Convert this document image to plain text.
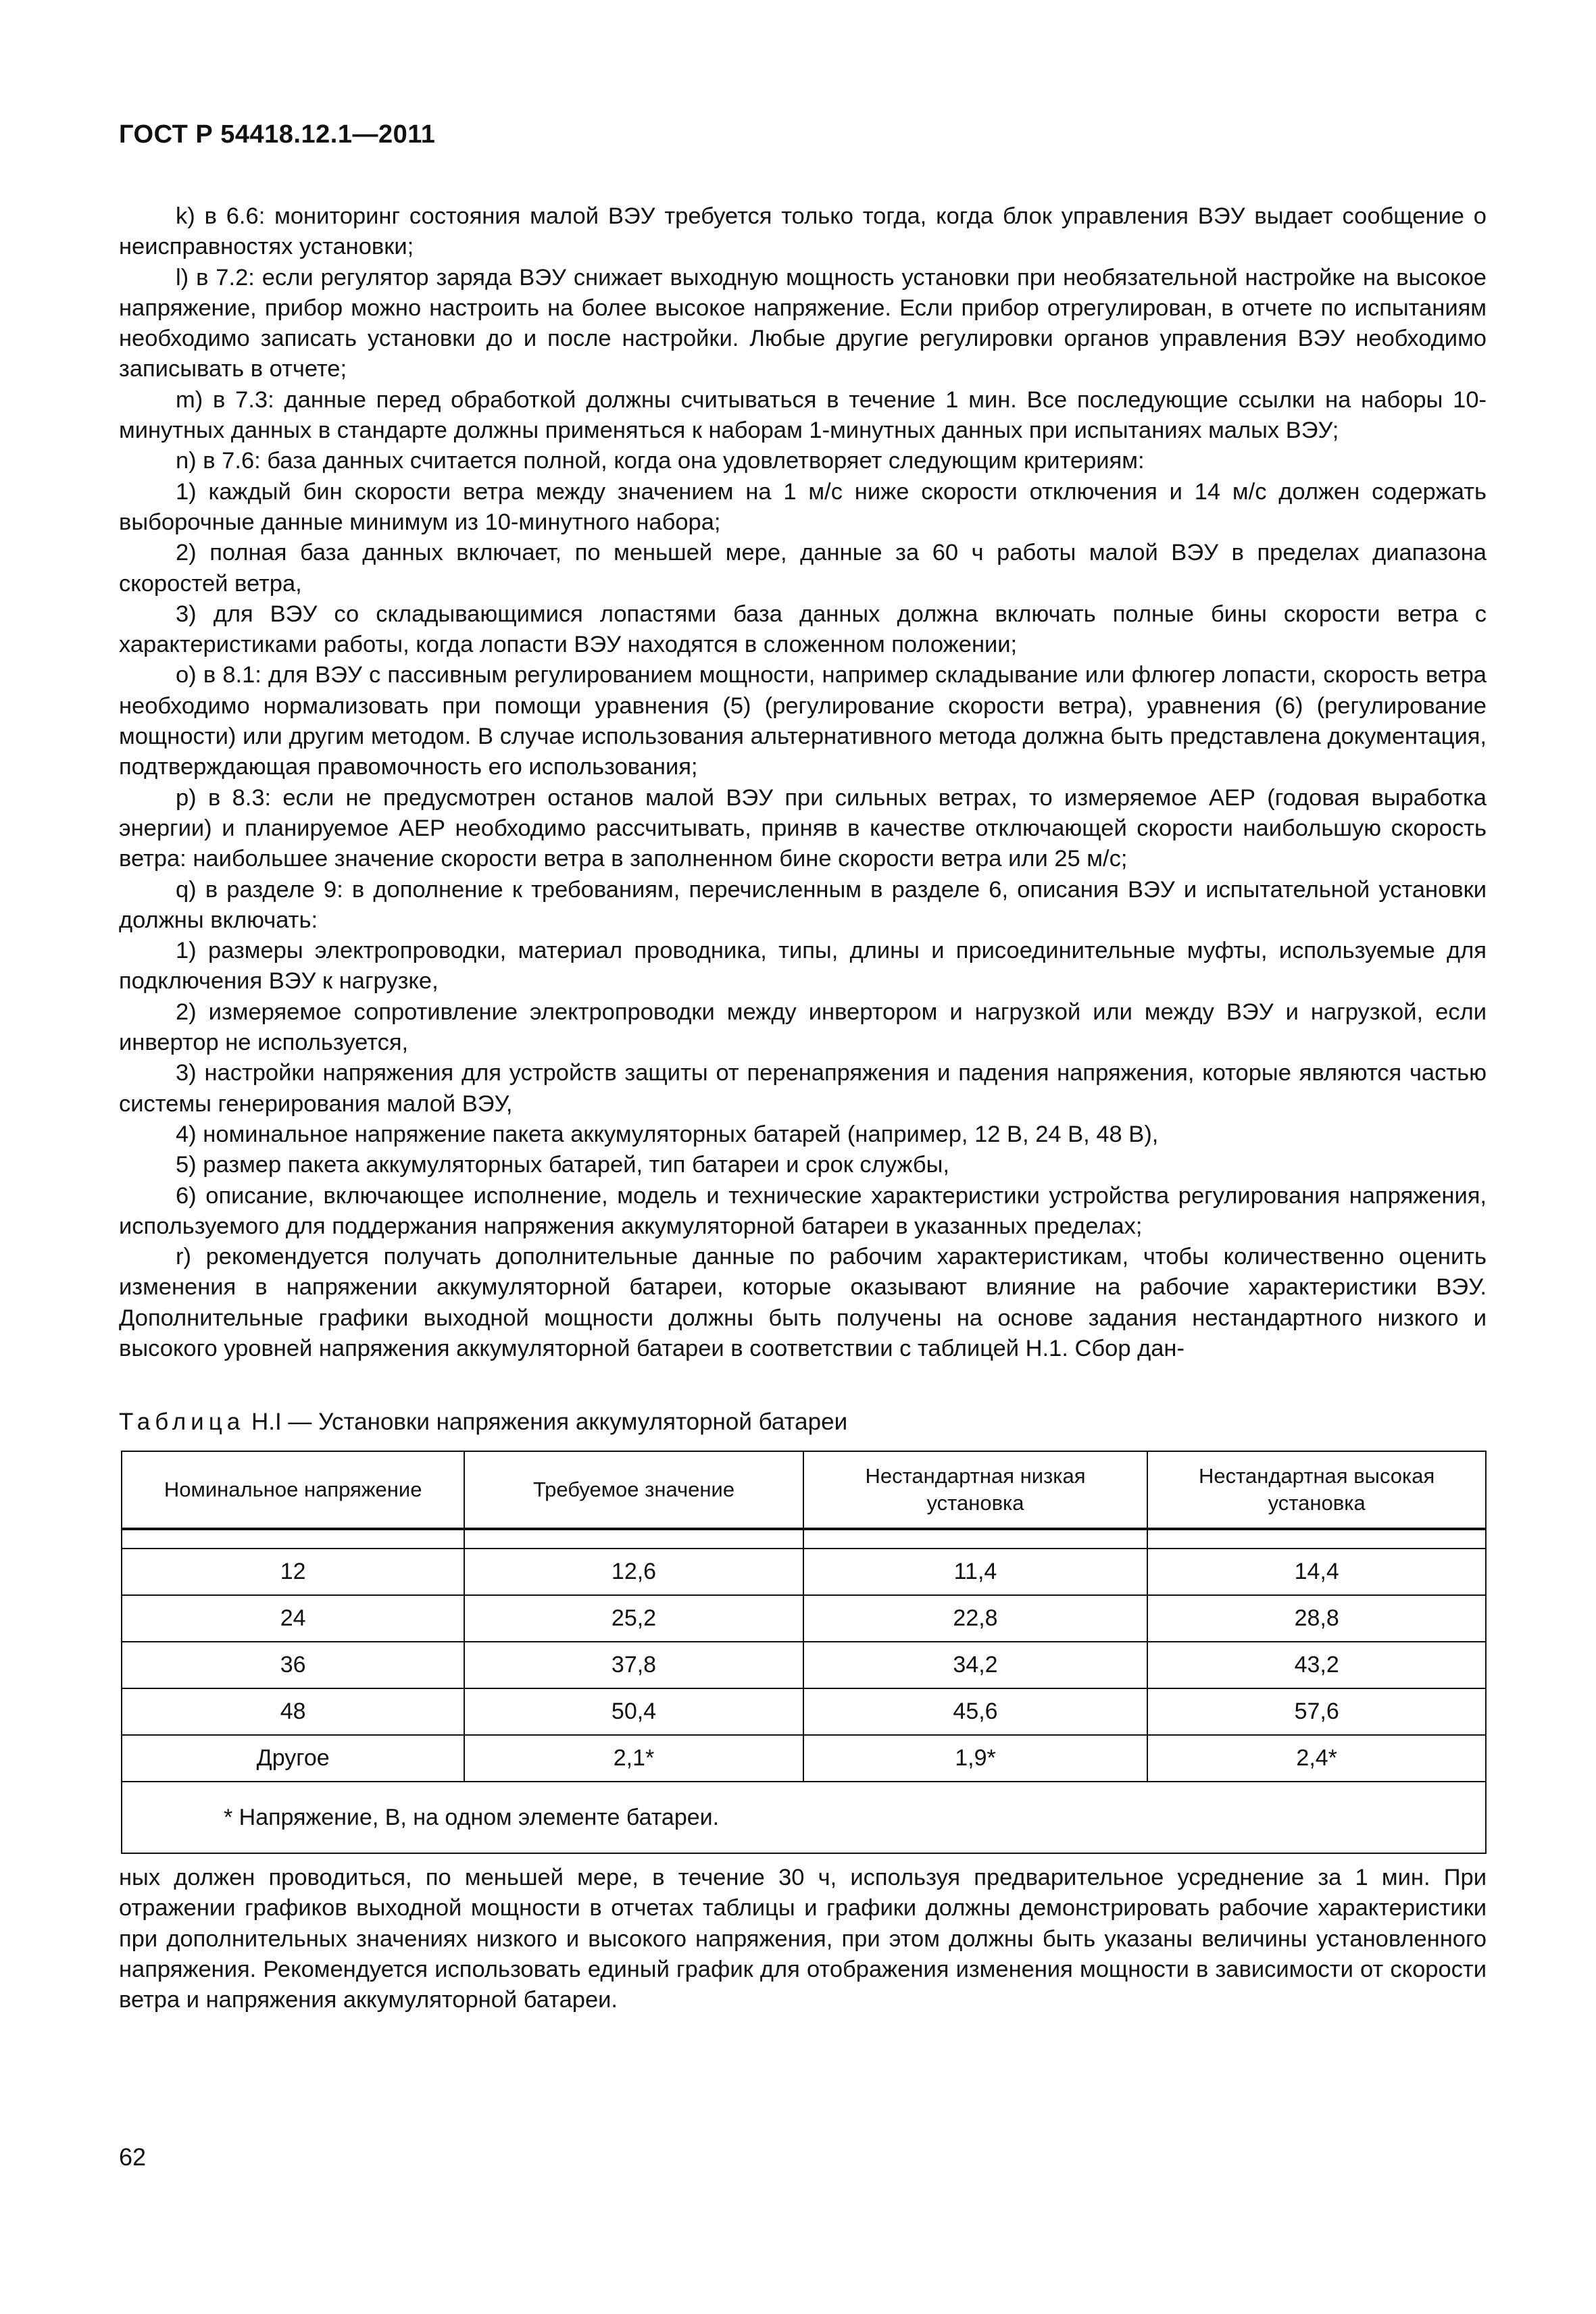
ГОСТ Р 54418.12.1—2011

k) в 6.6: мониторинг состояния малой ВЭУ требуется только тогда, когда блок управления ВЭУ выдает сообщение о неисправностях установки;

l) в 7.2: если регулятор заряда ВЭУ снижает выходную мощность установки при необязательной настройке на высокое напряжение, прибор можно настроить на более высокое напряжение. Если прибор отрегулирован, в отчете по испытаниям необходимо записать установки до и после настройки. Любые другие регулировки органов управления ВЭУ необходимо записывать в отчете;

m) в 7.3: данные перед обработкой должны считываться в течение 1 мин. Все последующие ссылки на наборы 10-минутных данных в стандарте должны применяться к наборам 1-минутных данных при испытаниях малых ВЭУ;

n) в 7.6: база данных считается полной, когда она удовлетворяет следующим критериям:

1) каждый бин скорости ветра между значением на 1 м/с ниже скорости отключения и 14 м/с должен содержать выборочные данные минимум из 10-минутного набора;

2) полная база данных включает, по меньшей мере, данные за 60 ч работы малой ВЭУ в пределах диапазона скоростей ветра,

3) для ВЭУ со складывающимися лопастями база данных должна включать полные бины скорости ветра с характеристиками работы, когда лопасти ВЭУ находятся в сложенном положении;

o) в 8.1: для ВЭУ с пассивным регулированием мощности, например складывание или флюгер лопасти, скорость ветра необходимо нормализовать при помощи уравнения (5) (регулирование скорости ветра), уравнения (6) (регулирование мощности) или другим методом. В случае использования альтернативного метода должна быть представлена документация, подтверждающая правомочность его использования;

p) в 8.3: если не предусмотрен останов малой ВЭУ при сильных ветрах, то измеряемое АЕР (годовая выработка энергии) и планируемое АЕР необходимо рассчитывать, приняв в качестве отключающей скорости наибольшую скорость ветра: наибольшее значение скорости ветра в заполненном бине скорости ветра или 25 м/с;

q) в разделе 9: в дополнение к требованиям, перечисленным в разделе 6, описания ВЭУ и испытательной установки должны включать:

1) размеры электропроводки, материал проводника, типы, длины и присоединительные муфты, используемые для подключения ВЭУ к нагрузке,

2) измеряемое сопротивление электропроводки между инвертором и нагрузкой или между ВЭУ и нагрузкой, если инвертор не используется,

3) настройки напряжения для устройств защиты от перенапряжения и падения напряжения, которые являются частью системы генерирования малой ВЭУ,

4) номинальное напряжение пакета аккумуляторных батарей (например, 12 В, 24 В, 48 В),

5) размер пакета аккумуляторных батарей, тип батареи и срок службы,

6) описание, включающее исполнение, модель и технические характеристики устройства регулирования напряжения, используемого для поддержания напряжения аккумуляторной батареи в указанных пределах;

r) рекомендуется получать дополнительные данные по рабочим характеристикам, чтобы количественно оценить изменения в напряжении аккумуляторной батареи, которые оказывают влияние на рабочие характеристики ВЭУ. Дополнительные графики выходной мощности должны быть получены на основе задания нестандартного низкого и высокого уровней напряжения аккумуляторной батареи в соответствии с таблицей Н.1. Сбор дан-

Таблица Н.I — Установки напряжения аккумуляторной батареи
Номинальное напряжение	Требуемое значение	Нестандартная низкая установка	Нестандартная высокая установка

12	12,6	11,4	14,4
24	25,2	22,8	28,8
36	37,8	34,2	43,2
48	50,4	45,6	57,6
Другое	2,1*	1,9*	2,4*
* Напряжение, В, на одном элементе батареи.			

ных должен проводиться, по меньшей мере, в течение 30 ч, используя предварительное усреднение за 1 мин. При отражении графиков выходной мощности в отчетах таблицы и графики должны демонстрировать рабочие характеристики при дополнительных значениях низкого и высокого напряжения, при этом должны быть указаны величины установленного напряжения. Рекомендуется использовать единый график для отображения изменения мощности в зависимости от скорости ветра и напряжения аккумуляторной батареи.

62
